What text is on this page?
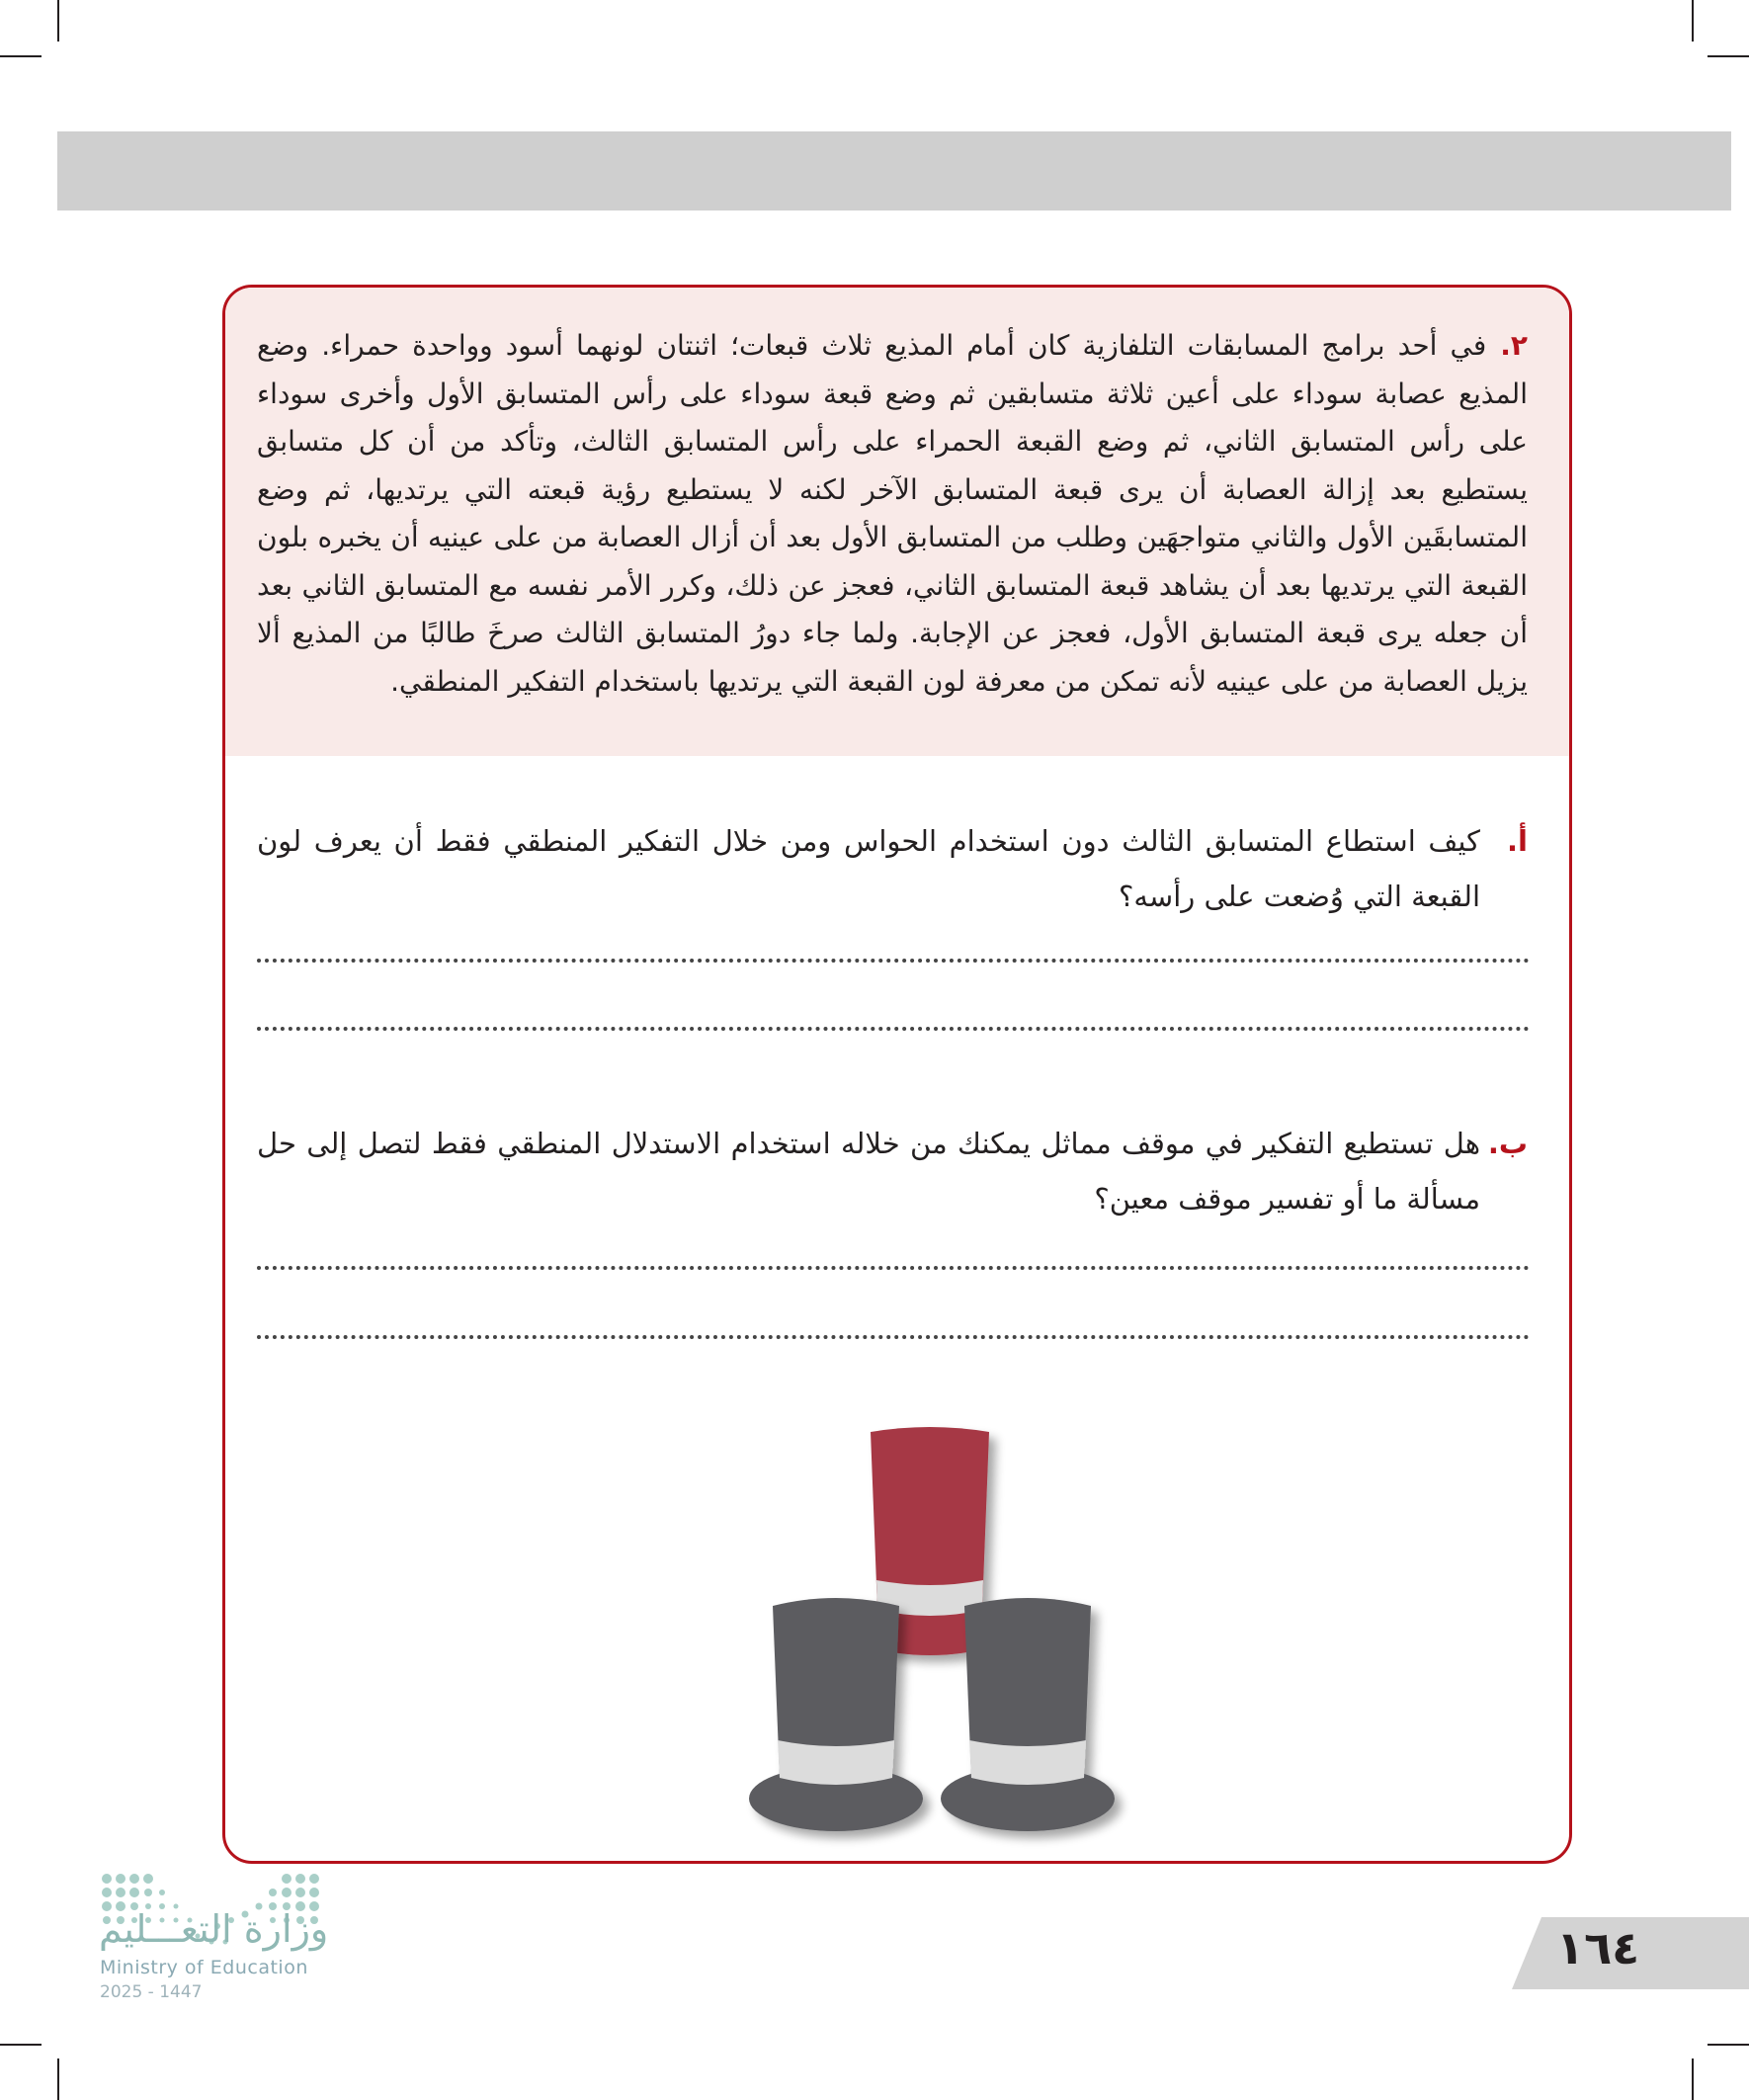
٢.في أحد برامج المسابقات التلفازية كان أمام المذيع ثلاث قبعات؛ اثنتان لونهما أسود وواحدة حمراء. وضع المذيع عصابة سوداء على أعين ثلاثة متسابقين ثم وضع قبعة سوداء على رأس المتسابق الأول وأخرى سوداء على رأس المتسابق الثاني، ثم وضع القبعة الحمراء على رأس المتسابق الثالث، وتأكد من أن كل متسابق يستطيع بعد إزالة العصابة أن يرى قبعة المتسابق الآخر لكنه لا يستطيع رؤية قبعته التي يرتديها، ثم وضع المتسابقَين الأول والثاني متواجهَين وطلب من المتسابق الأول بعد أن أزال العصابة من على عينيه أن يخبره بلون القبعة التي يرتديها بعد أن يشاهد قبعة المتسابق الثاني، فعجز عن ذلك، وكرر الأمر نفسه مع المتسابق الثاني بعد أن جعله يرى قبعة المتسابق الأول، فعجز عن الإجابة. ولما جاء دورُ المتسابق الثالث صرخَ طالبًا من المذيع ألا يزيل العصابة من على عينيه لأنه تمكن من معرفة لون القبعة التي يرتديها باستخدام التفكير المنطقي.
أ.
كيف استطاع المتسابق الثالث دون استخدام الحواس ومن خلال التفكير المنطقي فقط أن يعرف لون القبعة التي وُضعت على رأسه؟
ب.
هل تستطيع التفكير في موقف مماثل يمكنك من خلاله استخدام الاستدلال المنطقي فقط لتصل إلى حل مسألة ما أو تفسير موقف معين؟
وزارة التعـــليم
Ministry of Education
2025 - 1447
١٦٤
